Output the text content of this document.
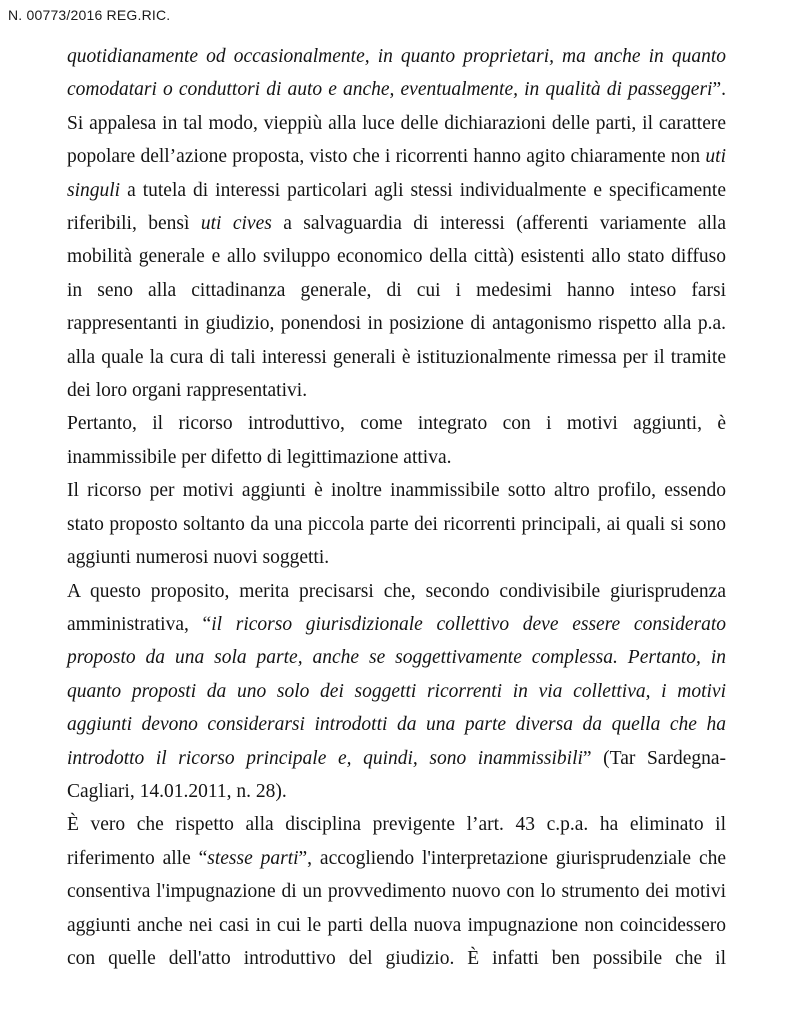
N. 00773/2016 REG.RIC.
quotidianamente od occasionalmente, in quanto proprietari, ma anche in quanto
comodatari o conduttori di auto e anche, eventualmente, in qualità di passeggeri”.
Si appalesa in tal modo, vieppiù alla luce delle dichiarazioni delle parti, il carattere
popolare dell’azione proposta, visto che i ricorrenti hanno agito chiaramente non uti
singuli a tutela di interessi particolari agli stessi individualmente e specificamente
riferibili, bensì uti cives a salvaguardia di interessi (afferenti variamente alla
mobilità generale e allo sviluppo economico della città) esistenti allo stato diffuso
in seno alla cittadinanza generale, di cui i medesimi hanno inteso farsi
rappresentanti in giudizio, ponendosi in posizione di antagonismo rispetto alla p.a.
alla quale la cura di tali interessi generali è istituzionalmente rimessa per il tramite
dei loro organi rappresentativi.
Pertanto, il ricorso introduttivo, come integrato con i motivi aggiunti, è
inammissibile per difetto di legittimazione attiva.
Il ricorso per motivi aggiunti è inoltre inammissibile sotto altro profilo, essendo
stato proposto soltanto da una piccola parte dei ricorrenti principali, ai quali si sono
aggiunti numerosi nuovi soggetti.
A questo proposito, merita precisarsi che, secondo condivisibile giurisprudenza
amministrativa, “il ricorso giurisdizionale collettivo deve essere considerato
proposto da una sola parte, anche se soggettivamente complessa. Pertanto, in
quanto proposti da uno solo dei soggetti ricorrenti in via collettiva, i motivi
aggiunti devono considerarsi introdotti da una parte diversa da quella che ha
introdotto il ricorso principale e, quindi, sono inammissibili” (Tar Sardegna-
Cagliari, 14.01.2011, n. 28).
È vero che rispetto alla disciplina previgente l’art. 43 c.p.a. ha eliminato il
riferimento alle “stesse parti”, accogliendo l'interpretazione giurisprudenziale che
consentiva l'impugnazione di un provvedimento nuovo con lo strumento dei motivi
aggiunti anche nei casi in cui le parti della nuova impugnazione non coincidessero
con quelle dell'atto introduttivo del giudizio. È infatti ben possibile che il
